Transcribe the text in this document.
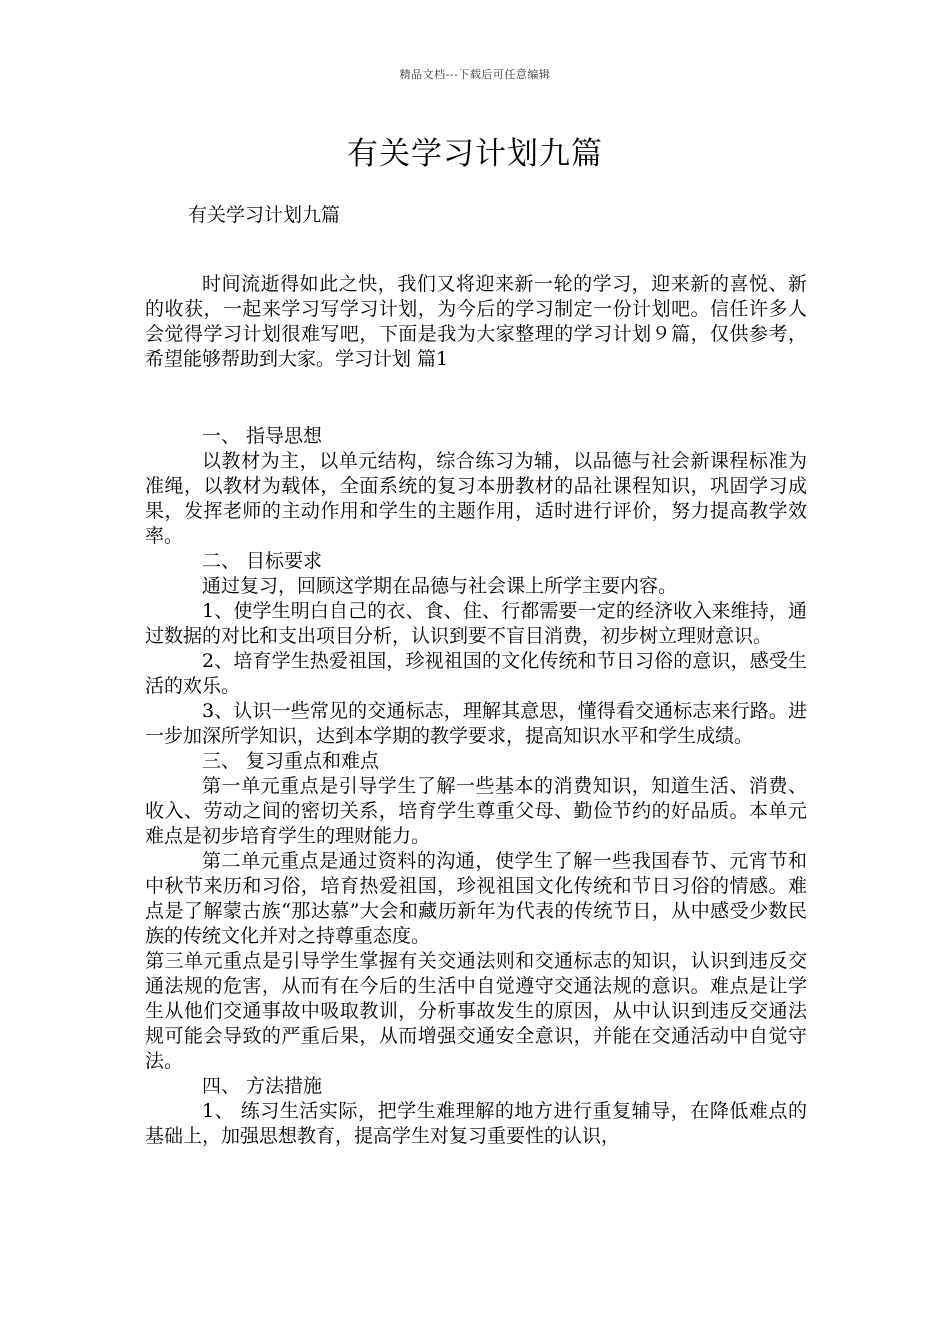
精品文档---下载后可任意编辑
有关学习计划九篇
有关学习计划九篇

时间流逝得如此之快，我们又将迎来新一轮的学习，迎来新的喜悦、新的收获，一起来学习写学习计划，为今后的学习制定一份计划吧。信任许多人会觉得学习计划很难写吧，下面是我为大家整理的学习计划９篇，仅供参考，希望能够帮助到大家。学习计划 篇1

一、 指导思想

以教材为主，以单元结构，综合练习为辅，以品德与社会新课程标准为准绳，以教材为载体，全面系统的复习本册教材的品社课程知识，巩固学习成果，发挥老师的主动作用和学生的主题作用，适时进行评价，努力提高教学效率。

二、 目标要求

通过复习，回顾这学期在品德与社会课上所学主要内容。

1、使学生明白自己的衣、食、住、行都需要一定的经济收入来维持，通过数据的对比和支出项目分析，认识到要不盲目消费，初步树立理财意识。

2、培育学生热爱祖国，珍视祖国的文化传统和节日习俗的意识，感受生活的欢乐。

3、认识一些常见的交通标志，理解其意思，懂得看交通标志来行路。进一步加深所学知识，达到本学期的教学要求，提高知识水平和学生成绩。

三、 复习重点和难点

第一单元重点是引导学生了解一些基本的消费知识，知道生活、消费、收入、劳动之间的密切关系，培育学生尊重父母、勤俭节约的好品质。本单元难点是初步培育学生的理财能力。

第二单元重点是通过资料的沟通，使学生了解一些我国春节、元宵节和中秋节来历和习俗，培育热爱祖国，珍视祖国文化传统和节日习俗的情感。难点是了解蒙古族“那达慕”大会和藏历新年为代表的传统节日，从中感受少数民族的传统文化并对之持尊重态度。

第三单元重点是引导学生掌握有关交通法则和交通标志的知识，认识到违反交通法规的危害，从而有在今后的生活中自觉遵守交通法规的意识。难点是让学生从他们交通事故中吸取教训，分析事故发生的原因，从中认识到违反交通法规可能会导致的严重后果，从而增强交通安全意识，并能在交通活动中自觉守法。

四、 方法措施

1、 练习生活实际，把学生难理解的地方进行重复辅导，在降低难点的基础上，加强思想教育，提高学生对复习重要性的认识，
